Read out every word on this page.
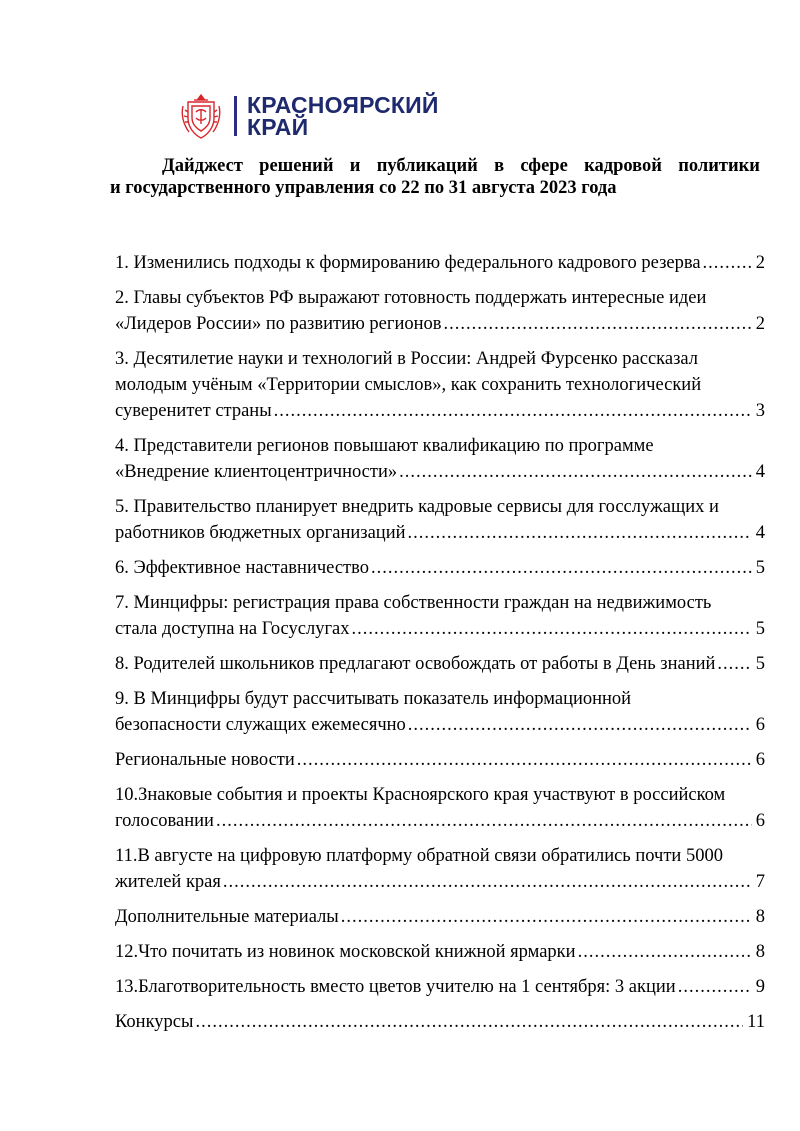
КРАСНОЯРСКИЙ
КРАЙ
Дайджест решений и публикаций в сфере кадровой политики
и государственного управления со 22 по 31 августа 2023 года
1. Изменились подходы к формированию федерального кадрового резерва .....	2
2. Главы субъектов РФ выражают готовность поддержать интересные идеи
«Лидеров России» по развитию регионов .....	2
3. Десятилетие науки и технологий в России: Андрей Фурсенко рассказал
молодым учёным «Территории смыслов», как сохранить технологический
суверенитет страны .....	3
4. Представители регионов повышают квалификацию по программе
«Внедрение клиентоцентричности» .....	4
5. Правительство планирует внедрить кадровые сервисы для госслужащих и
работников бюджетных организаций .....	4
6. Эффективное наставничество .....	5
7. Минцифры: регистрация права собственности граждан на недвижимость
стала доступна на Госуслугах .....	5
8. Родителей школьников предлагают освобождать от работы в День знаний ..... 5
9. В Минцифры будут рассчитывать показатель информационной
безопасности служащих ежемесячно .....	6
Региональные новости .....	6
10.Знаковые события и проекты Красноярского края участвуют в российском
голосовании .....	6
11.В августе на цифровую платформу обратной связи обратились почти 5000
жителей края .....	7
Дополнительные материалы .....	8
12.Что почитать из новинок московской книжной ярмарки .....	8
13.Благотворительность вместо цветов учителю на 1 сентября: 3 акции .....	9
Конкурсы .....	11
